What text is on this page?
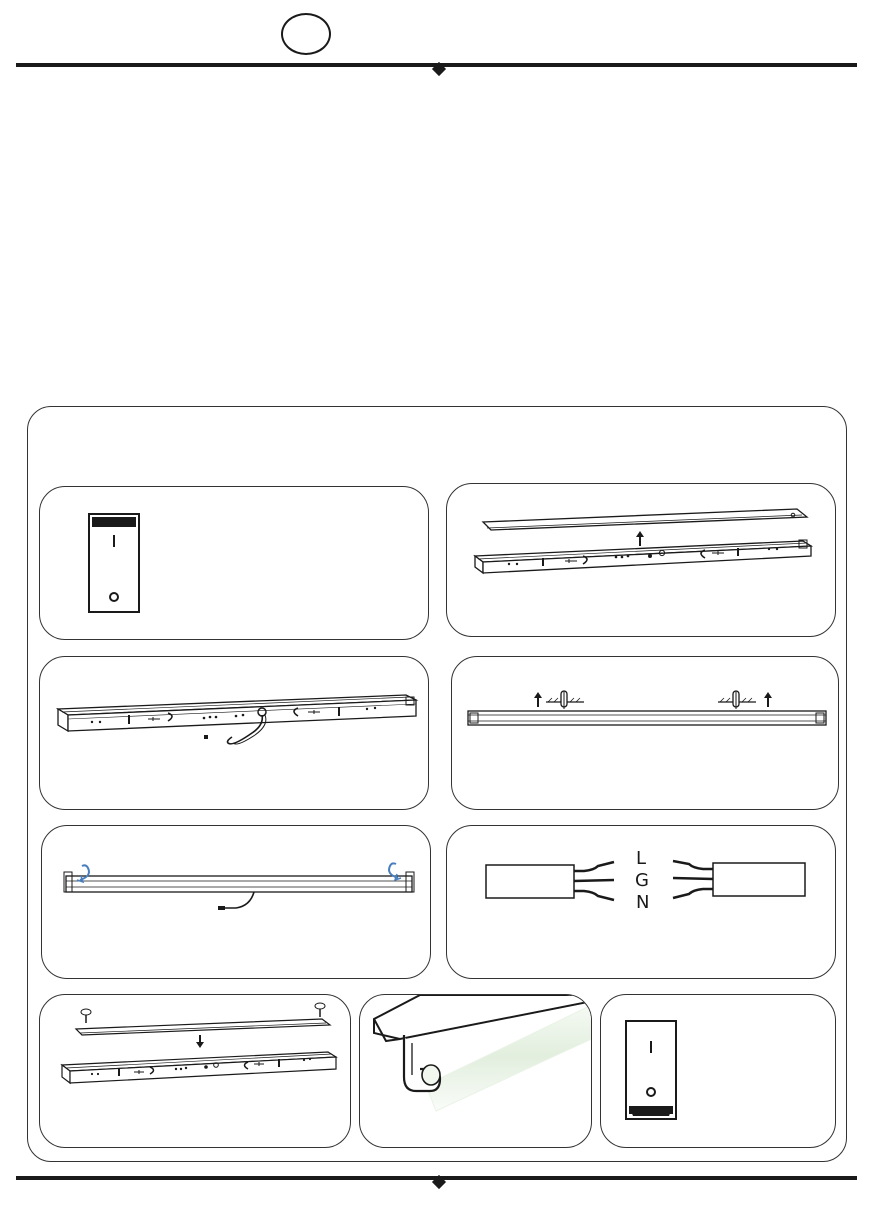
L
G
N
